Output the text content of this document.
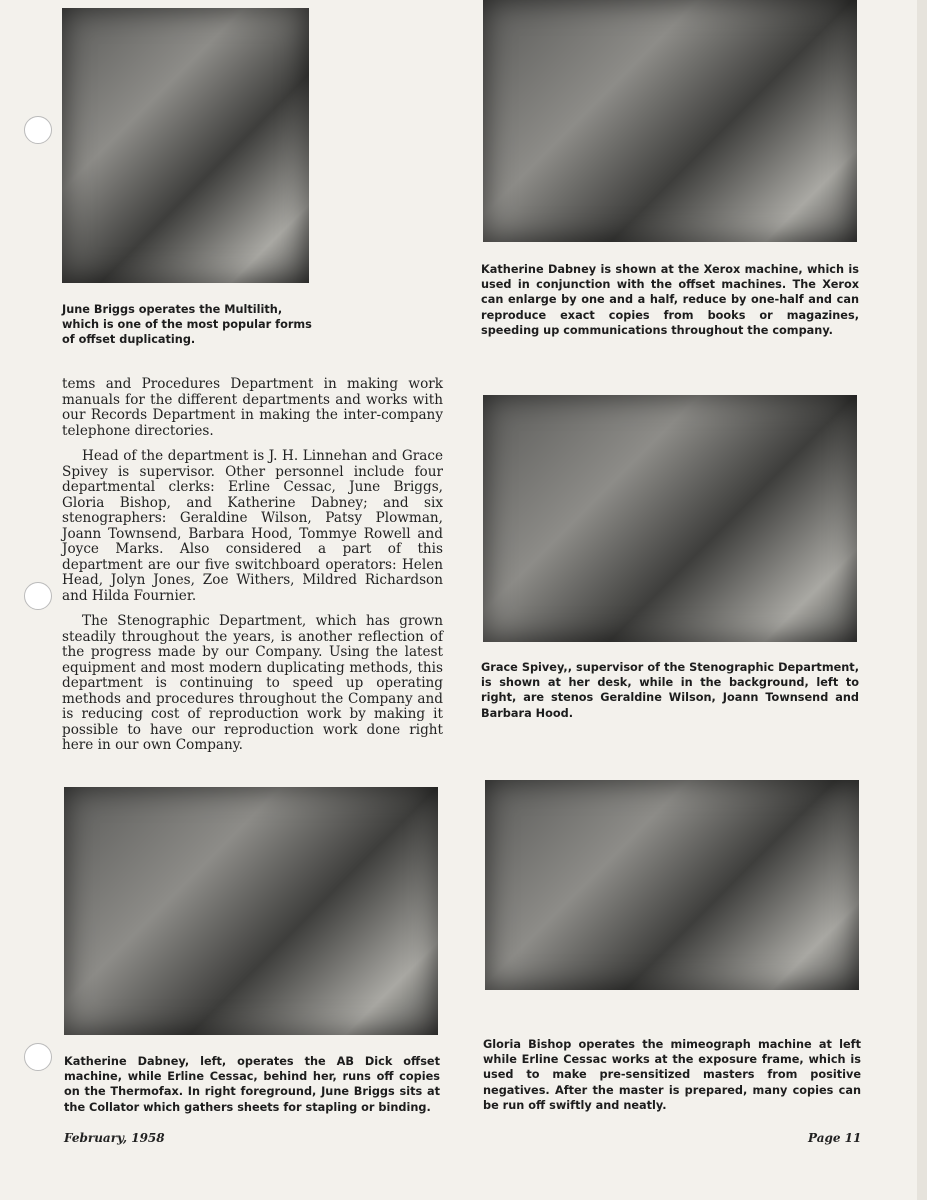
June Briggs operates the Multilith, which is one of the most popular forms of offset duplicating.

Katherine Dabney is shown at the Xerox machine, which is used in conjunction with the offset machines. The Xerox can enlarge by one and a half, reduce by one-half and can reproduce exact copies from books or magazines, speeding up communications throughout the company.

Grace Spivey,, supervisor of the Stenographic Department, is shown at her desk, while in the background, left to right, are stenos Geraldine Wilson, Joann Townsend and Barbara Hood.

tems and Procedures Department in making work manuals for the different departments and works with our Records Department in making the inter-company telephone directories.

Head of the department is J. H. Linnehan and Grace Spivey is supervisor. Other personnel include four departmental clerks: Erline Cessac, June Briggs, Gloria Bishop, and Katherine Dabney; and six stenographers: Geraldine Wilson, Patsy Plowman, Joann Townsend, Barbara Hood, Tommye Rowell and Joyce Marks. Also considered a part of this department are our five switchboard operators: Helen Head, Jolyn Jones, Zoe Withers, Mildred Richardson and Hilda Fournier.

The Stenographic Department, which has grown steadily throughout the years, is another reflection of the progress made by our Company. Using the latest equipment and most modern duplicating methods, this department is continuing to speed up operating methods and procedures throughout the Company and is reducing cost of reproduction work by making it possible to have our reproduction work done right here in our own Company.

Katherine Dabney, left, operates the AB Dick offset machine, while Erline Cessac, behind her, runs off copies on the Thermofax. In right foreground, June Briggs sits at the Collator which gathers sheets for stapling or binding.

Gloria Bishop operates the mimeograph machine at left while Erline Cessac works at the exposure frame, which is used to make pre-sensitized masters from positive negatives. After the master is prepared, many copies can be run off swiftly and neatly.

February, 1958	Page 11
